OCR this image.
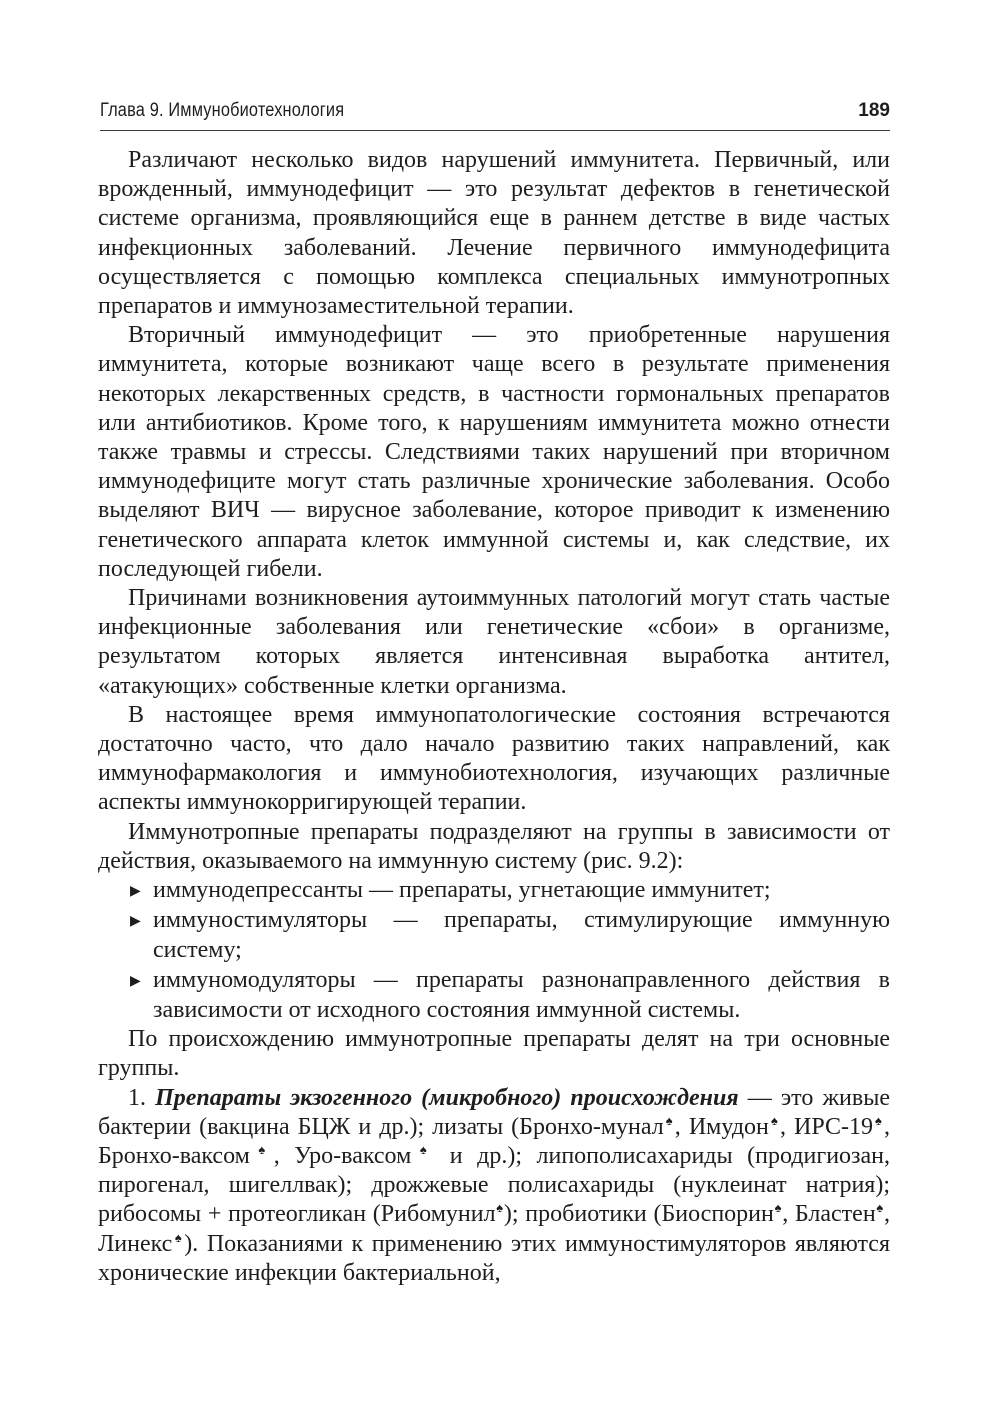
Глава 9. Иммунобиотехнология	189

Различают несколько видов нарушений иммунитета. Первичный, или врожденный, иммунодефицит — это результат дефектов в генетической системе организма, проявляющийся еще в раннем детстве в виде частых инфекционных заболеваний. Лечение первичного иммунодефицита осуществляется с помощью комплекса специальных иммунотропных препаратов и иммунозаместительной терапии.

Вторичный иммунодефицит — это приобретенные нарушения иммунитета, которые возникают чаще всего в результате применения некоторых лекарственных средств, в частности гормональных препаратов или антибиотиков. Кроме того, к нарушениям иммунитета можно отнести также травмы и стрессы. Следствиями таких нарушений при вторичном иммунодефиците могут стать различные хронические заболевания. Особо выделяют ВИЧ — вирусное заболевание, которое приводит к изменению генетического аппарата клеток иммунной системы и, как следствие, их последующей гибели.

Причинами возникновения аутоиммунных патологий могут стать частые инфекционные заболевания или генетические «сбои» в организме, результатом которых является интенсивная выработка антител, «атакующих» собственные клетки организма.

В настоящее время иммунопатологические состояния встречаются достаточно часто, что дало начало развитию таких направлений, как иммунофармакология и иммунобиотехнология, изучающих различные аспекты иммунокорригирующей терапии.

Иммунотропные препараты подразделяют на группы в зависимости от действия, оказываемого на иммунную систему (рис. 9.2):

▶ иммунодепрессанты — препараты, угнетающие иммунитет;
▶ иммуностимуляторы — препараты, стимулирующие иммунную систему;
▶ иммуномодуляторы — препараты разнонаправленного действия в зависимости от исходного состояния иммунной системы.

По происхождению иммунотропные препараты делят на три основные группы.

1. Препараты экзогенного (микробного) происхождения — это живые бактерии (вакцина БЦЖ и др.); лизаты (Бронхо-мунал♠, Имудон♠, ИРС-19♠, Бронхо-ваксом♠, Уро-ваксом♠ и др.); липополисахариды (продигиозан, пирогенал, шигеллвак); дрожжевые полисахариды (нуклеинат натрия); рибосомы + протеогликан (Рибомунил♠); пробиотики (Биоспорин♠, Бластен♠, Линекс♠). Показаниями к применению этих иммуностимуляторов являются хронические инфекции бактериальной,
